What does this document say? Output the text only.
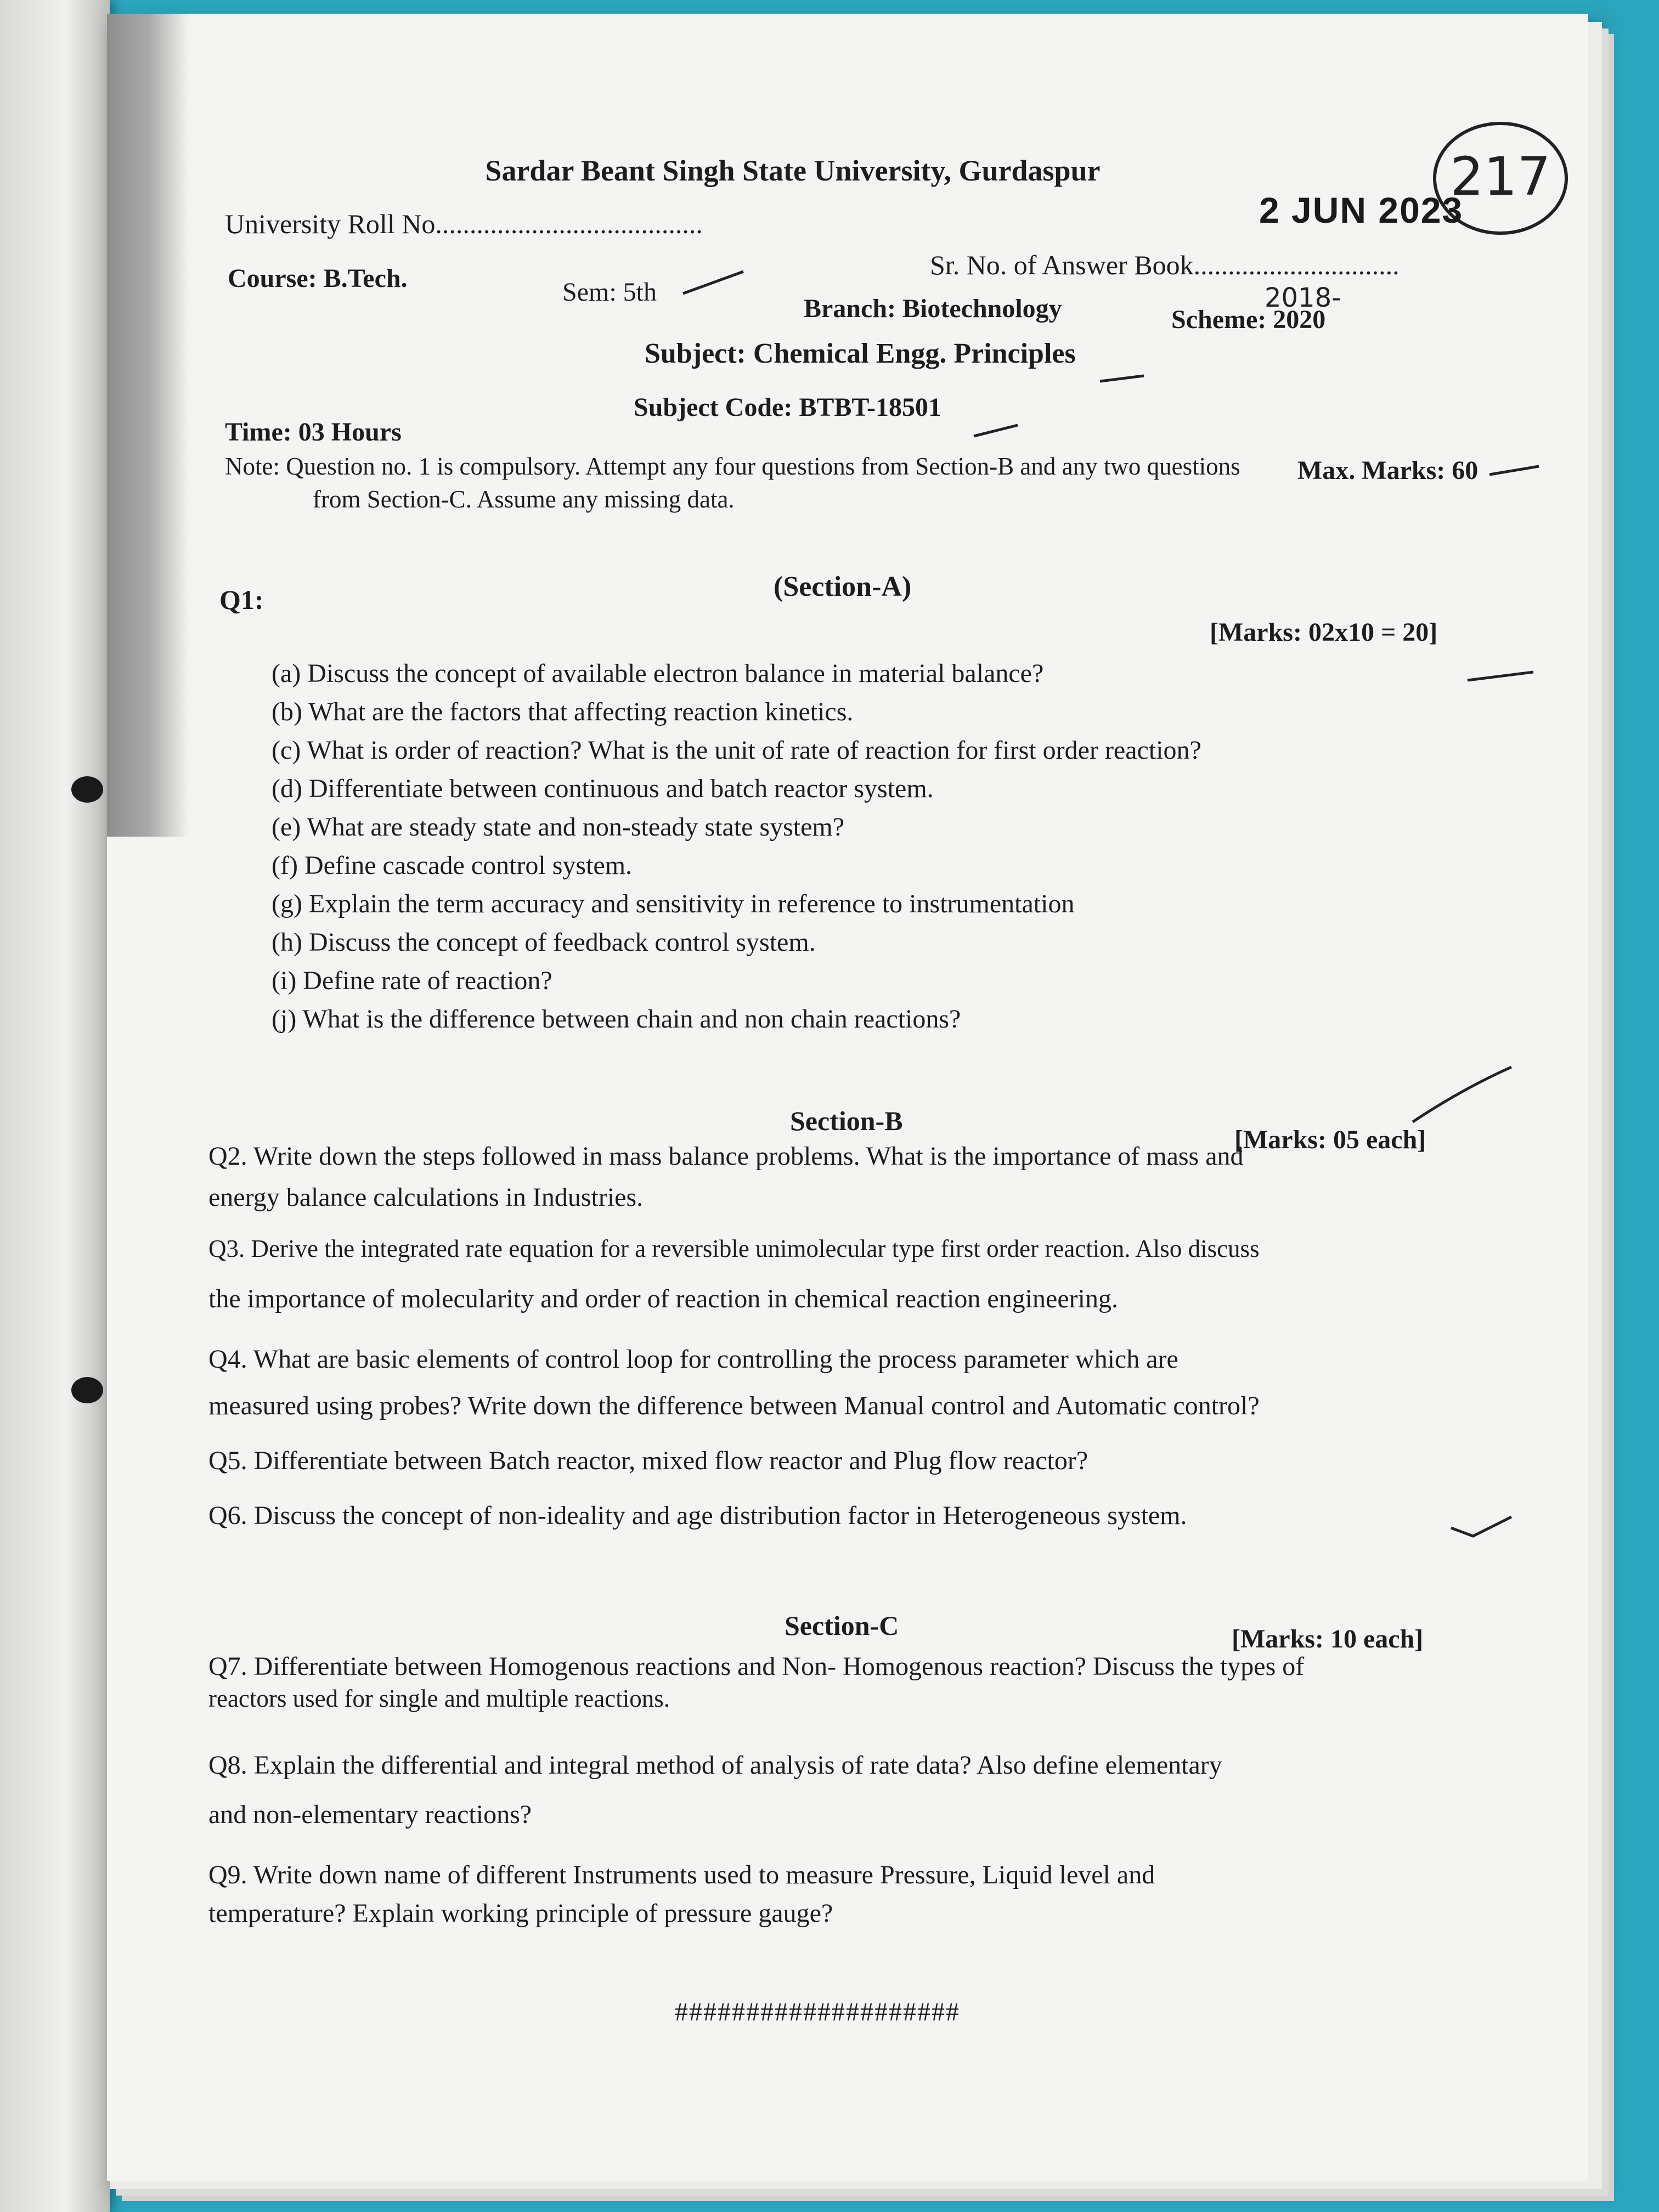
217
Sardar Beant Singh State University, Gurdaspur
2 JUN 2023
University Roll No.......................................
Sr. No. of Answer Book..............................
Course: B.Tech.	Sem: 5th
Branch: Biotechnology	2018-
Scheme: 2020
Subject: Chemical Engg. Principles
Subject Code: BTBT-18501
Time: 03 Hours
Max. Marks: 60
Note: Question no. 1 is compulsory. Attempt any four questions from Section-B and any two questions
from Section-C. Assume any missing data.
Q1:	(Section-A)
[Marks: 02x10 = 20]
(a) Discuss the concept of available electron balance in material balance?
(b) What are the factors that affecting reaction kinetics.
(c) What is order of reaction? What is the unit of rate of reaction for first order reaction?
(d) Differentiate between continuous and batch reactor system.
(e) What are steady state and non-steady state system?
(f) Define cascade control system.
(g) Explain the term accuracy and sensitivity in reference to instrumentation
(h) Discuss the concept of feedback control system.
(i) Define rate of reaction?
(j) What is the difference between chain and non chain reactions?
Section-B
[Marks: 05 each]
Q2. Write down the steps followed in mass balance problems. What is the importance of mass and
energy balance calculations in Industries.
Q3. Derive the integrated rate equation for a reversible unimolecular type first order reaction. Also discuss
the importance of molecularity and order of reaction in chemical reaction engineering.
Q4. What are basic elements of control loop for controlling the process parameter which are
measured using probes? Write down the difference between Manual control and Automatic control?
Q5. Differentiate between Batch reactor, mixed flow reactor and Plug flow reactor?
Q6. Discuss the concept of non-ideality and age distribution factor in Heterogeneous system.
Section-C	[Marks: 10 each]
Q7. Differentiate between Homogenous reactions and Non- Homogenous reaction? Discuss the types of
reactors used for single and multiple reactions.
Q8. Explain the differential and integral method of analysis of rate data? Also define elementary
and non-elementary reactions?
Q9. Write down name of different Instruments used to measure Pressure, Liquid level and
temperature? Explain working principle of pressure gauge?
####################
